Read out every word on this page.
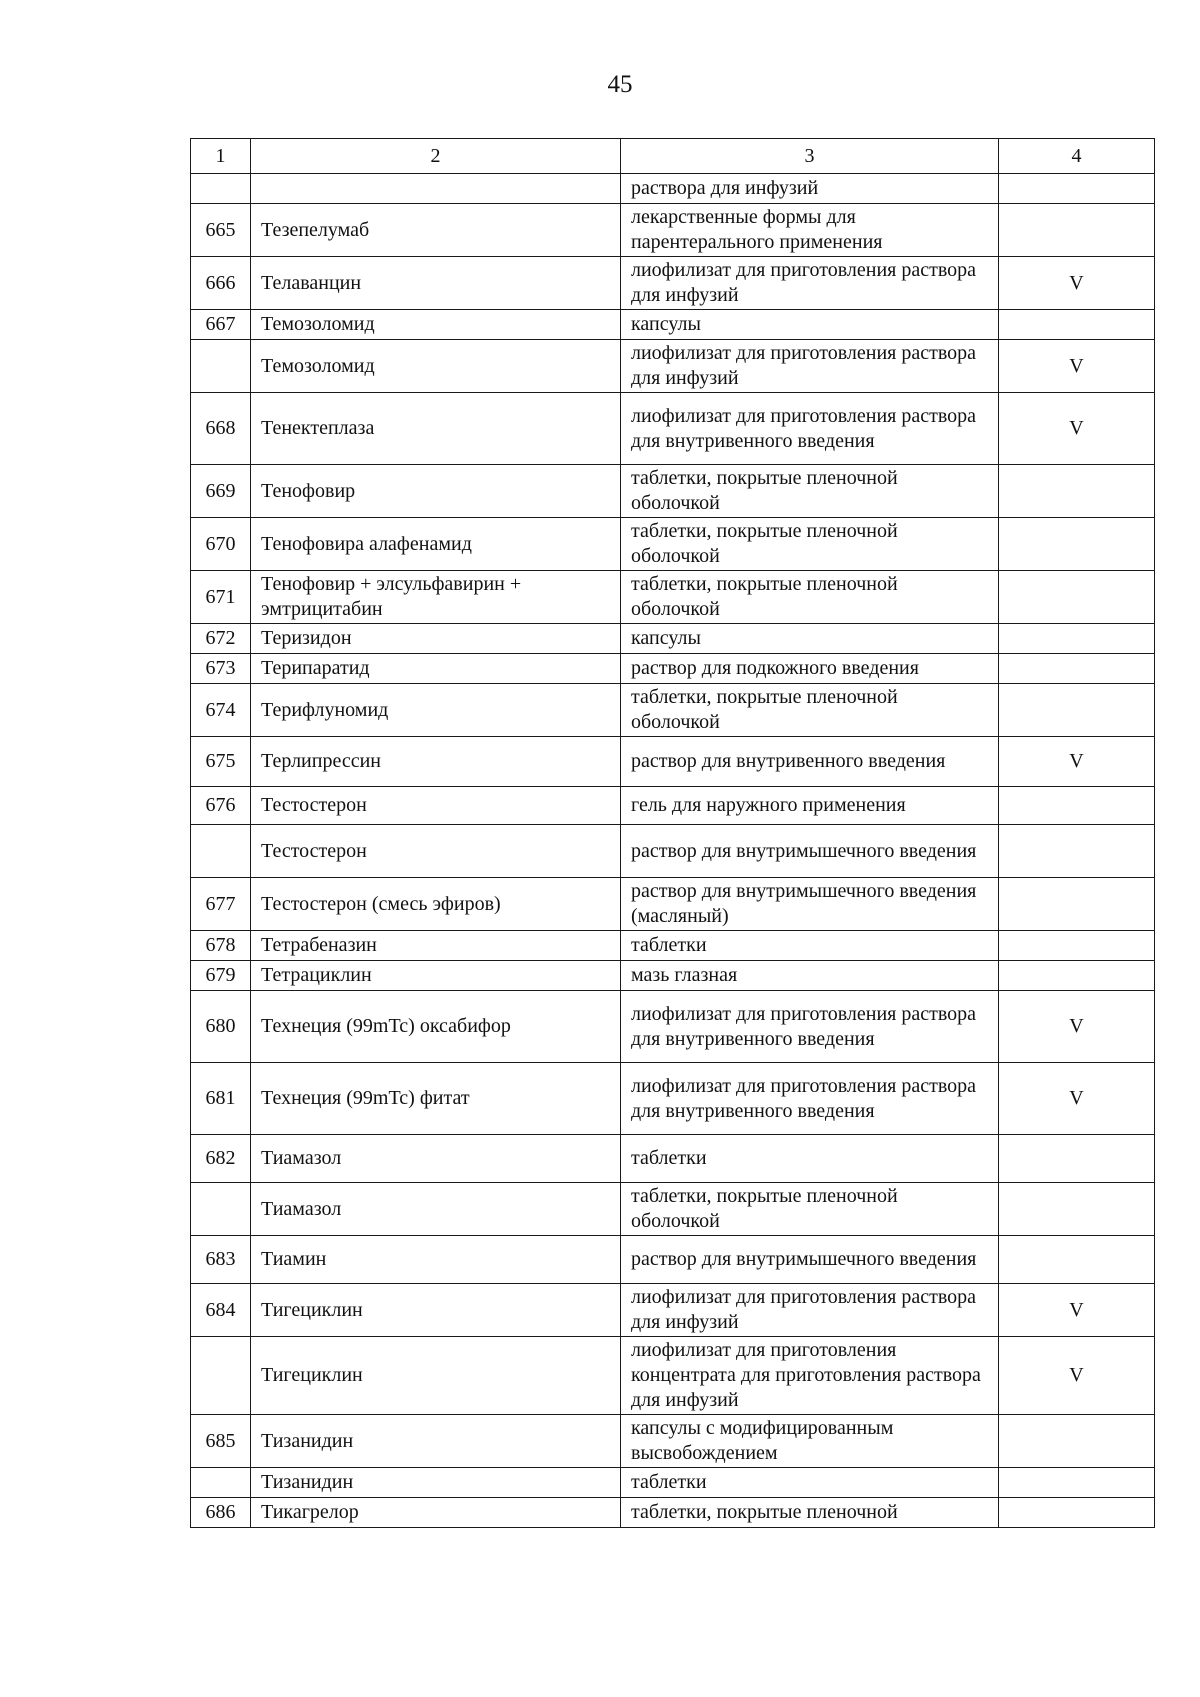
45
1	2	3	4
		раствора для инфузий	
665	Тезепелумаб	лекарственные формы для парентерального применения	
666	Телаванцин	лиофилизат для приготовления раствора для инфузий	V
667	Темозоломид	капсулы	
	Темозоломид	лиофилизат для приготовления раствора для инфузий	V
668	Тенектеплаза	лиофилизат для приготовления раствора для внутривенного введения	V
669	Тенофовир	таблетки, покрытые пленочной оболочкой	
670	Тенофовира алафенамид	таблетки, покрытые пленочной оболочкой	
671	Тенофовир + элсульфавирин + эмтрицитабин	таблетки, покрытые пленочной оболочкой	
672	Теризидон	капсулы	
673	Терипаратид	раствор для подкожного введения	
674	Терифлуномид	таблетки, покрытые пленочной оболочкой	
675	Терлипрессин	раствор для внутривенного введения	V
676	Тестостерон	гель для наружного применения	
	Тестостерон	раствор для внутримышечного введения	
677	Тестостерон (смесь эфиров)	раствор для внутримышечного введения (масляный)	
678	Тетрабеназин	таблетки	
679	Тетрациклин	мазь глазная	
680	Технеция (99mTc) оксабифор	лиофилизат для приготовления раствора для внутривенного введения	V
681	Технеция (99mTc) фитат	лиофилизат для приготовления раствора для внутривенного введения	V
682	Тиамазол	таблетки	
	Тиамазол	таблетки, покрытые пленочной оболочкой	
683	Тиамин	раствор для внутримышечного введения	
684	Тигециклин	лиофилизат для приготовления раствора для инфузий	V
	Тигециклин	лиофилизат для приготовления концентрата для приготовления раствора для инфузий	V
685	Тизанидин	капсулы с модифицированным высвобождением	
	Тизанидин	таблетки	
686	Тикагрелор	таблетки, покрытые пленочной	
